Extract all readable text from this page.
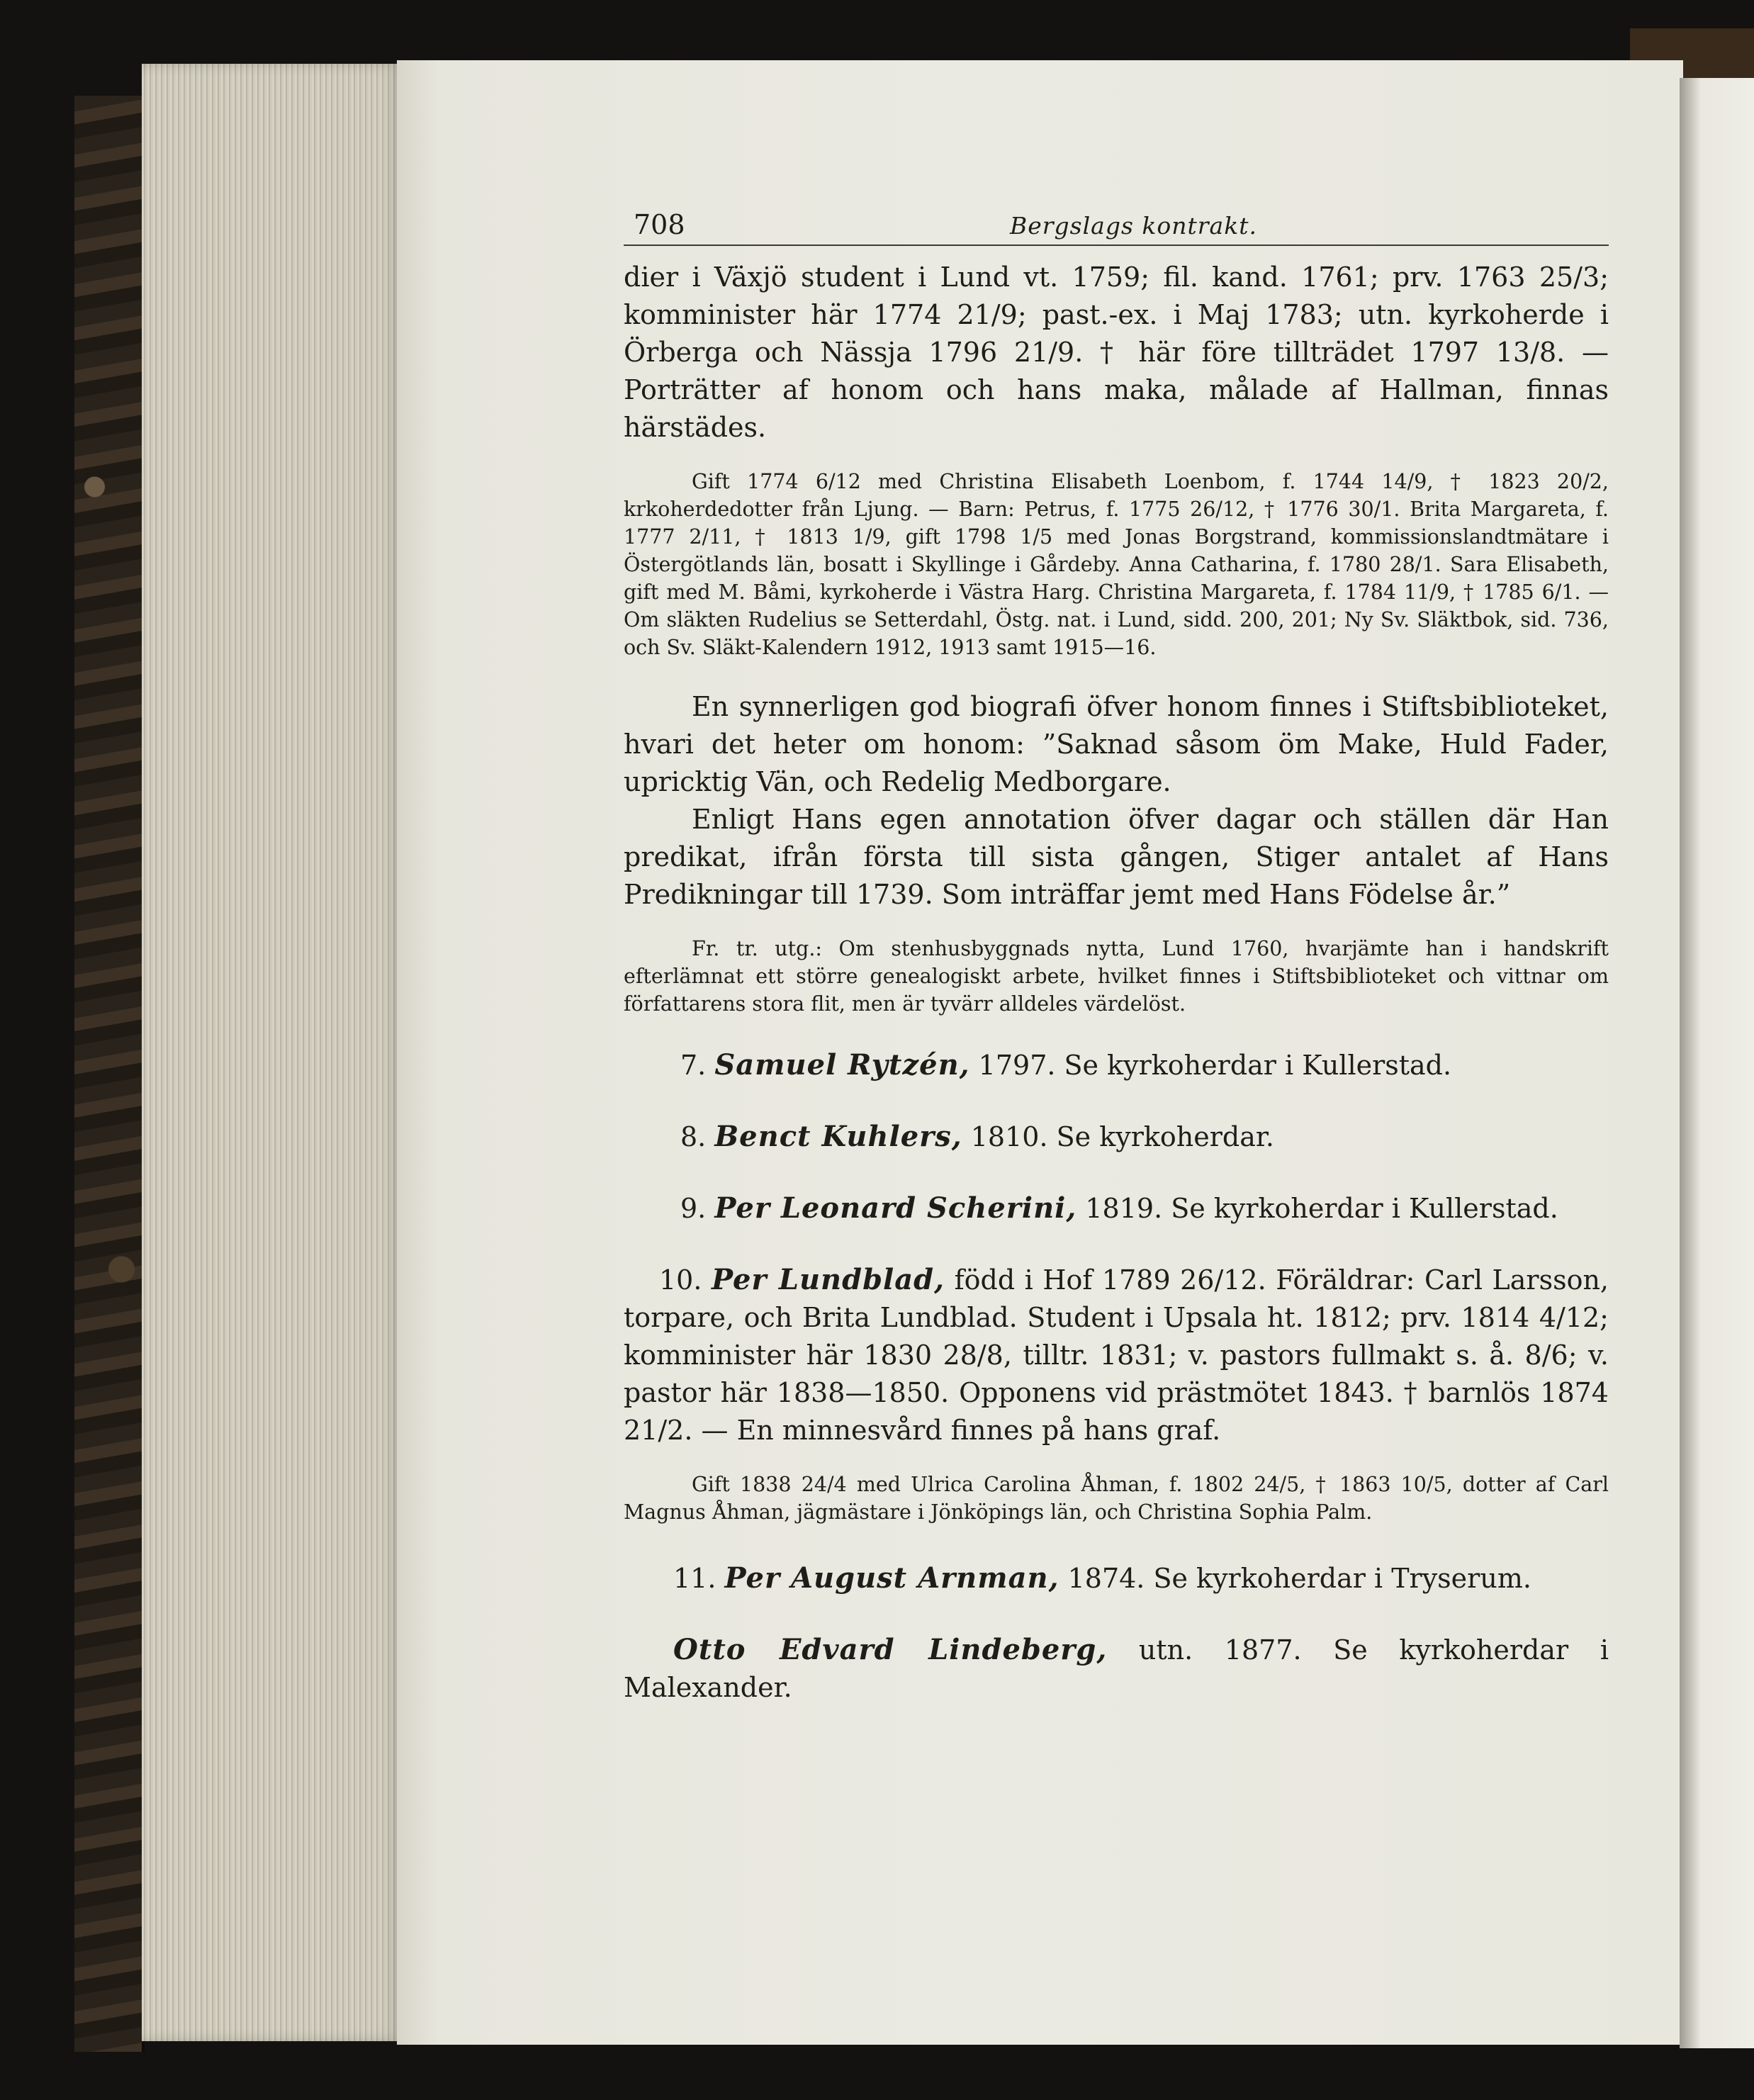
708	Bergslags kontrakt.

dier i Växjö student i Lund vt. 1759; fil. kand. 1761; prv. 1763 25/3; komminister här 1774 21/9; past.-ex. i Maj 1783; utn. kyrkoherde i Örberga och Nässja 1796 21/9. † här före tillträdet 1797 13/8. — Porträtter af honom och hans maka, målade af Hallman, finnas härstädes.

Gift 1774 6/12 med Christina Elisabeth Loenbom, f. 1744 14/9, † 1823 20/2, krkoherdedotter från Ljung. — Barn: Petrus, f. 1775 26/12, † 1776 30/1. Brita Margareta, f. 1777 2/11, † 1813 1/9, gift 1798 1/5 med Jonas Borgstrand, kommissionslandtmätare i Östergötlands län, bosatt i Skyllinge i Gårdeby. Anna Catharina, f. 1780 28/1. Sara Elisabeth, gift med M. Båmi, kyrkoherde i Västra Harg. Christina Margareta, f. 1784 11/9, † 1785 6/1. — Om släkten Rudelius se Setterdahl, Östg. nat. i Lund, sidd. 200, 201; Ny Sv. Släktbok, sid. 736, och Sv. Släkt-Kalendern 1912, 1913 samt 1915—16.

En synnerligen god biografi öfver honom finnes i Stiftsbiblioteket, hvari det heter om honom: ”Saknad såsom öm Make, Huld Fader, upricktig Vän, och Redelig Medborgare.

Enligt Hans egen annotation öfver dagar och ställen där Han predikat, ifrån första till sista gången, Stiger antalet af Hans Predikningar till 1739. Som inträffar jemt med Hans Födelse år.”

Fr. tr. utg.: Om stenhusbyggnads nytta, Lund 1760, hvarjämte han i handskrift efterlämnat ett större genealogiskt arbete, hvilket finnes i Stiftsbiblioteket och vittnar om författarens stora flit, men är tyvärr alldeles värdelöst.

7. Samuel Rytzén, 1797. Se kyrkoherdar i Kullerstad.

8. Benct Kuhlers, 1810. Se kyrkoherdar.

9. Per Leonard Scherini, 1819. Se kyrkoherdar i Kullerstad.

10. Per Lundblad, född i Hof 1789 26/12. Föräldrar: Carl Larsson, torpare, och Brita Lundblad. Student i Upsala ht. 1812; prv. 1814 4/12; komminister här 1830 28/8, tilltr. 1831; v. pastors fullmakt s. å. 8/6; v. pastor här 1838—1850. Opponens vid prästmötet 1843. † barnlös 1874 21/2. — En minnesvård finnes på hans graf.

Gift 1838 24/4 med Ulrica Carolina Åhman, f. 1802 24/5, † 1863 10/5, dotter af Carl Magnus Åhman, jägmästare i Jönköpings län, och Christina Sophia Palm.

11. Per August Arnman, 1874. Se kyrkoherdar i Tryserum.

Otto Edvard Lindeberg, utn. 1877. Se kyrkoherdar i Malexander.
